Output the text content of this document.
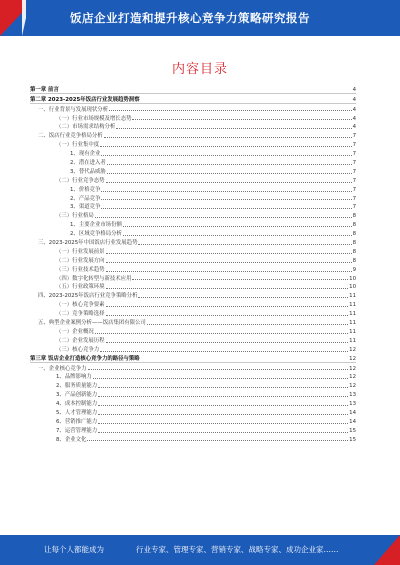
饭店企业打造和提升核心竞争力策略研究报告
内容目录
第一章 前言	4
第二章 2023-2025年饭店行业发展趋势洞察	4
一、行业背景与发展现状分析	4
（一）行业市场规模及增长态势	4
（二）市场需求结构分析	4
二、饭店行业竞争格局分析	7
（一）行业集中度	7
1、现有企业	7
2、潜在进入者	7
3、替代品威胁	7
（二）行业竞争态势	7
1、价格竞争	7
2、产品竞争	7
3、渠道竞争	7
（三）行业格局	8
1、主要企业市场份额	8
2、区域竞争格局分析	8
三、2023-2025年中国饭店行业发展趋势	8
（一）行业发展前景	8
（二）行业发展方向	8
（三）行业技术趋势	9
（四）数字化转型与新技术应用	10
（五）行业政策环境	10
四、2023-2025年饭店行业竞争策略分析	11
（一）核心竞争要素	11
（二）竞争策略选择	11
五、典型企业案例分析——饭店集团有限公司	11
（一）企业概况	11
（二）企业发展历程	11
（三）核心竞争力	12
第三章 饭店企业打造核心竞争力的路径与策略	12
一、企业核心竞争力	12
1、品牌影响力	12
2、服务质量能力	12
3、产品创新能力	13
4、成本控制能力	13
5、人才管理能力	14
6、营销推广能力	14
7、运营管理能力	15
8、企业文化	15
让每个人都能成为	行业专家、管理专家、营销专家、战略专家、成功企业家……
